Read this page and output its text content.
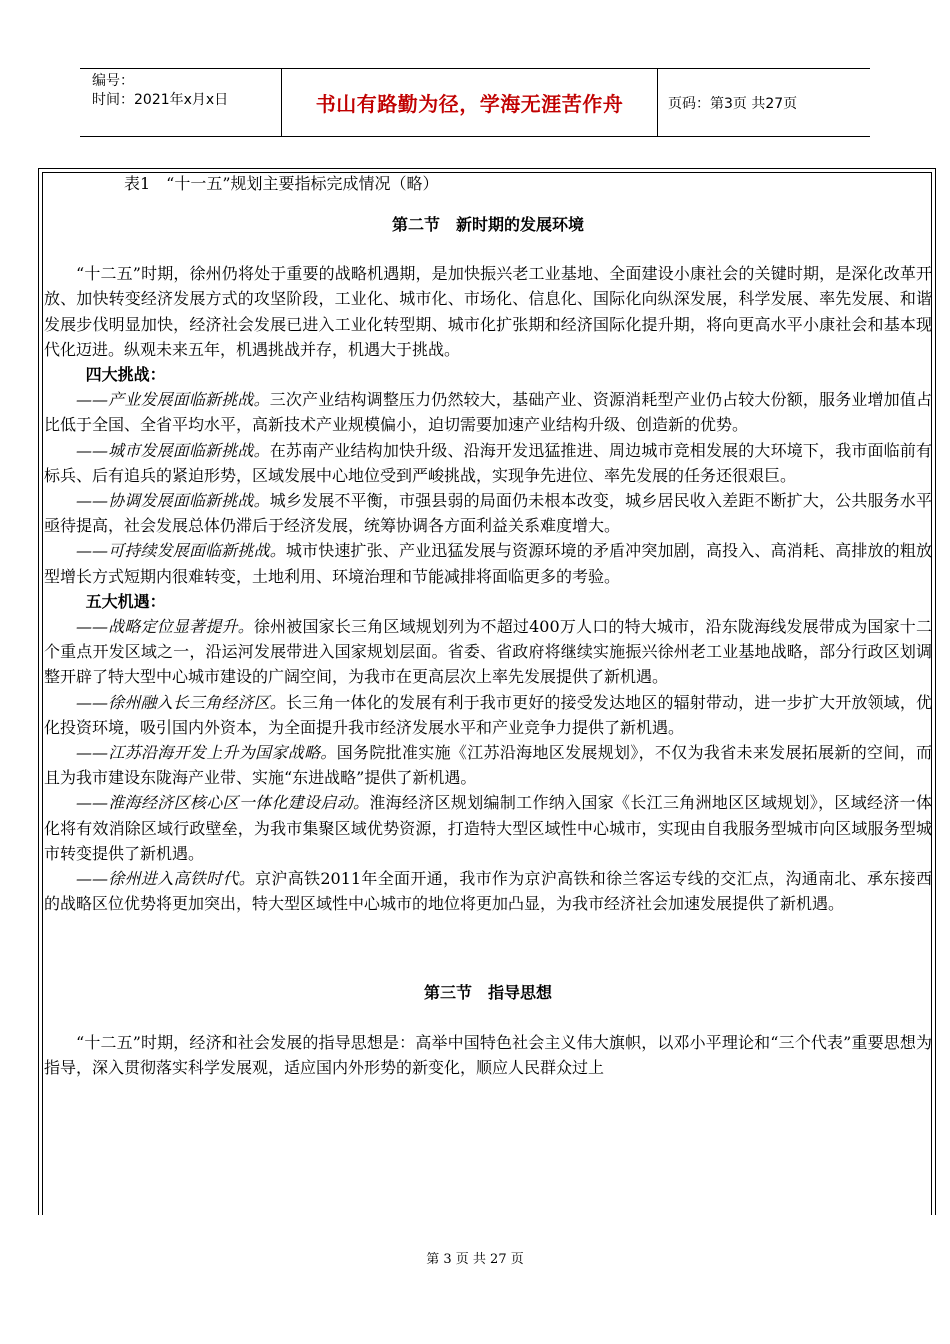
编号：
时间：2021年x月x日	书山有路勤为径，学海无涯苦作舟	页码：第3页 共27页

表1　“十一五”规划主要指标完成情况（略）

第二节　新时期的发展环境

“十二五”时期，徐州仍将处于重要的战略机遇期，是加快振兴老工业基地、全面建设小康社会的关键时期，是深化改革开放、加快转变经济发展方式的攻坚阶段，工业化、城市化、市场化、信息化、国际化向纵深发展，科学发展、率先发展、和谐发展步伐明显加快，经济社会发展已进入工业化转型期、城市化扩张期和经济国际化提升期，将向更高水平小康社会和基本现代化迈进。纵观未来五年，机遇挑战并存，机遇大于挑战。

四大挑战：

——产业发展面临新挑战。三次产业结构调整压力仍然较大，基础产业、资源消耗型产业仍占较大份额，服务业增加值占比低于全国、全省平均水平，高新技术产业规模偏小，迫切需要加速产业结构升级、创造新的优势。

——城市发展面临新挑战。在苏南产业结构加快升级、沿海开发迅猛推进、周边城市竞相发展的大环境下，我市面临前有标兵、后有追兵的紧迫形势，区域发展中心地位受到严峻挑战，实现争先进位、率先发展的任务还很艰巨。

——协调发展面临新挑战。城乡发展不平衡，市强县弱的局面仍未根本改变，城乡居民收入差距不断扩大，公共服务水平亟待提高，社会发展总体仍滞后于经济发展，统筹协调各方面利益关系难度增大。

——可持续发展面临新挑战。城市快速扩张、产业迅猛发展与资源环境的矛盾冲突加剧，高投入、高消耗、高排放的粗放型增长方式短期内很难转变，土地利用、环境治理和节能减排将面临更多的考验。

五大机遇：

——战略定位显著提升。徐州被国家长三角区域规划列为不超过400万人口的特大城市，沿东陇海线发展带成为国家十二个重点开发区域之一，沿运河发展带进入国家规划层面。省委、省政府将继续实施振兴徐州老工业基地战略，部分行政区划调整开辟了特大型中心城市建设的广阔空间，为我市在更高层次上率先发展提供了新机遇。

——徐州融入长三角经济区。长三角一体化的发展有利于我市更好的接受发达地区的辐射带动，进一步扩大开放领域，优化投资环境，吸引国内外资本，为全面提升我市经济发展水平和产业竞争力提供了新机遇。

——江苏沿海开发上升为国家战略。国务院批准实施《江苏沿海地区发展规划》，不仅为我省未来发展拓展新的空间，而且为我市建设东陇海产业带、实施“东进战略”提供了新机遇。

——淮海经济区核心区一体化建设启动。淮海经济区规划编制工作纳入国家《长江三角洲地区区域规划》，区域经济一体化将有效消除区域行政壁垒，为我市集聚区域优势资源，打造特大型区域性中心城市，实现由自我服务型城市向区域服务型城市转变提供了新机遇。

——徐州进入高铁时代。京沪高铁2011年全面开通，我市作为京沪高铁和徐兰客运专线的交汇点，沟通南北、承东接西的战略区位优势将更加突出，特大型区域性中心城市的地位将更加凸显，为我市经济社会加速发展提供了新机遇。

第三节　指导思想

“十二五”时期，经济和社会发展的指导思想是：高举中国特色社会主义伟大旗帜，以邓小平理论和“三个代表”重要思想为指导，深入贯彻落实科学发展观，适应国内外形势的新变化，顺应人民群众过上

第 3 页 共 27 页
